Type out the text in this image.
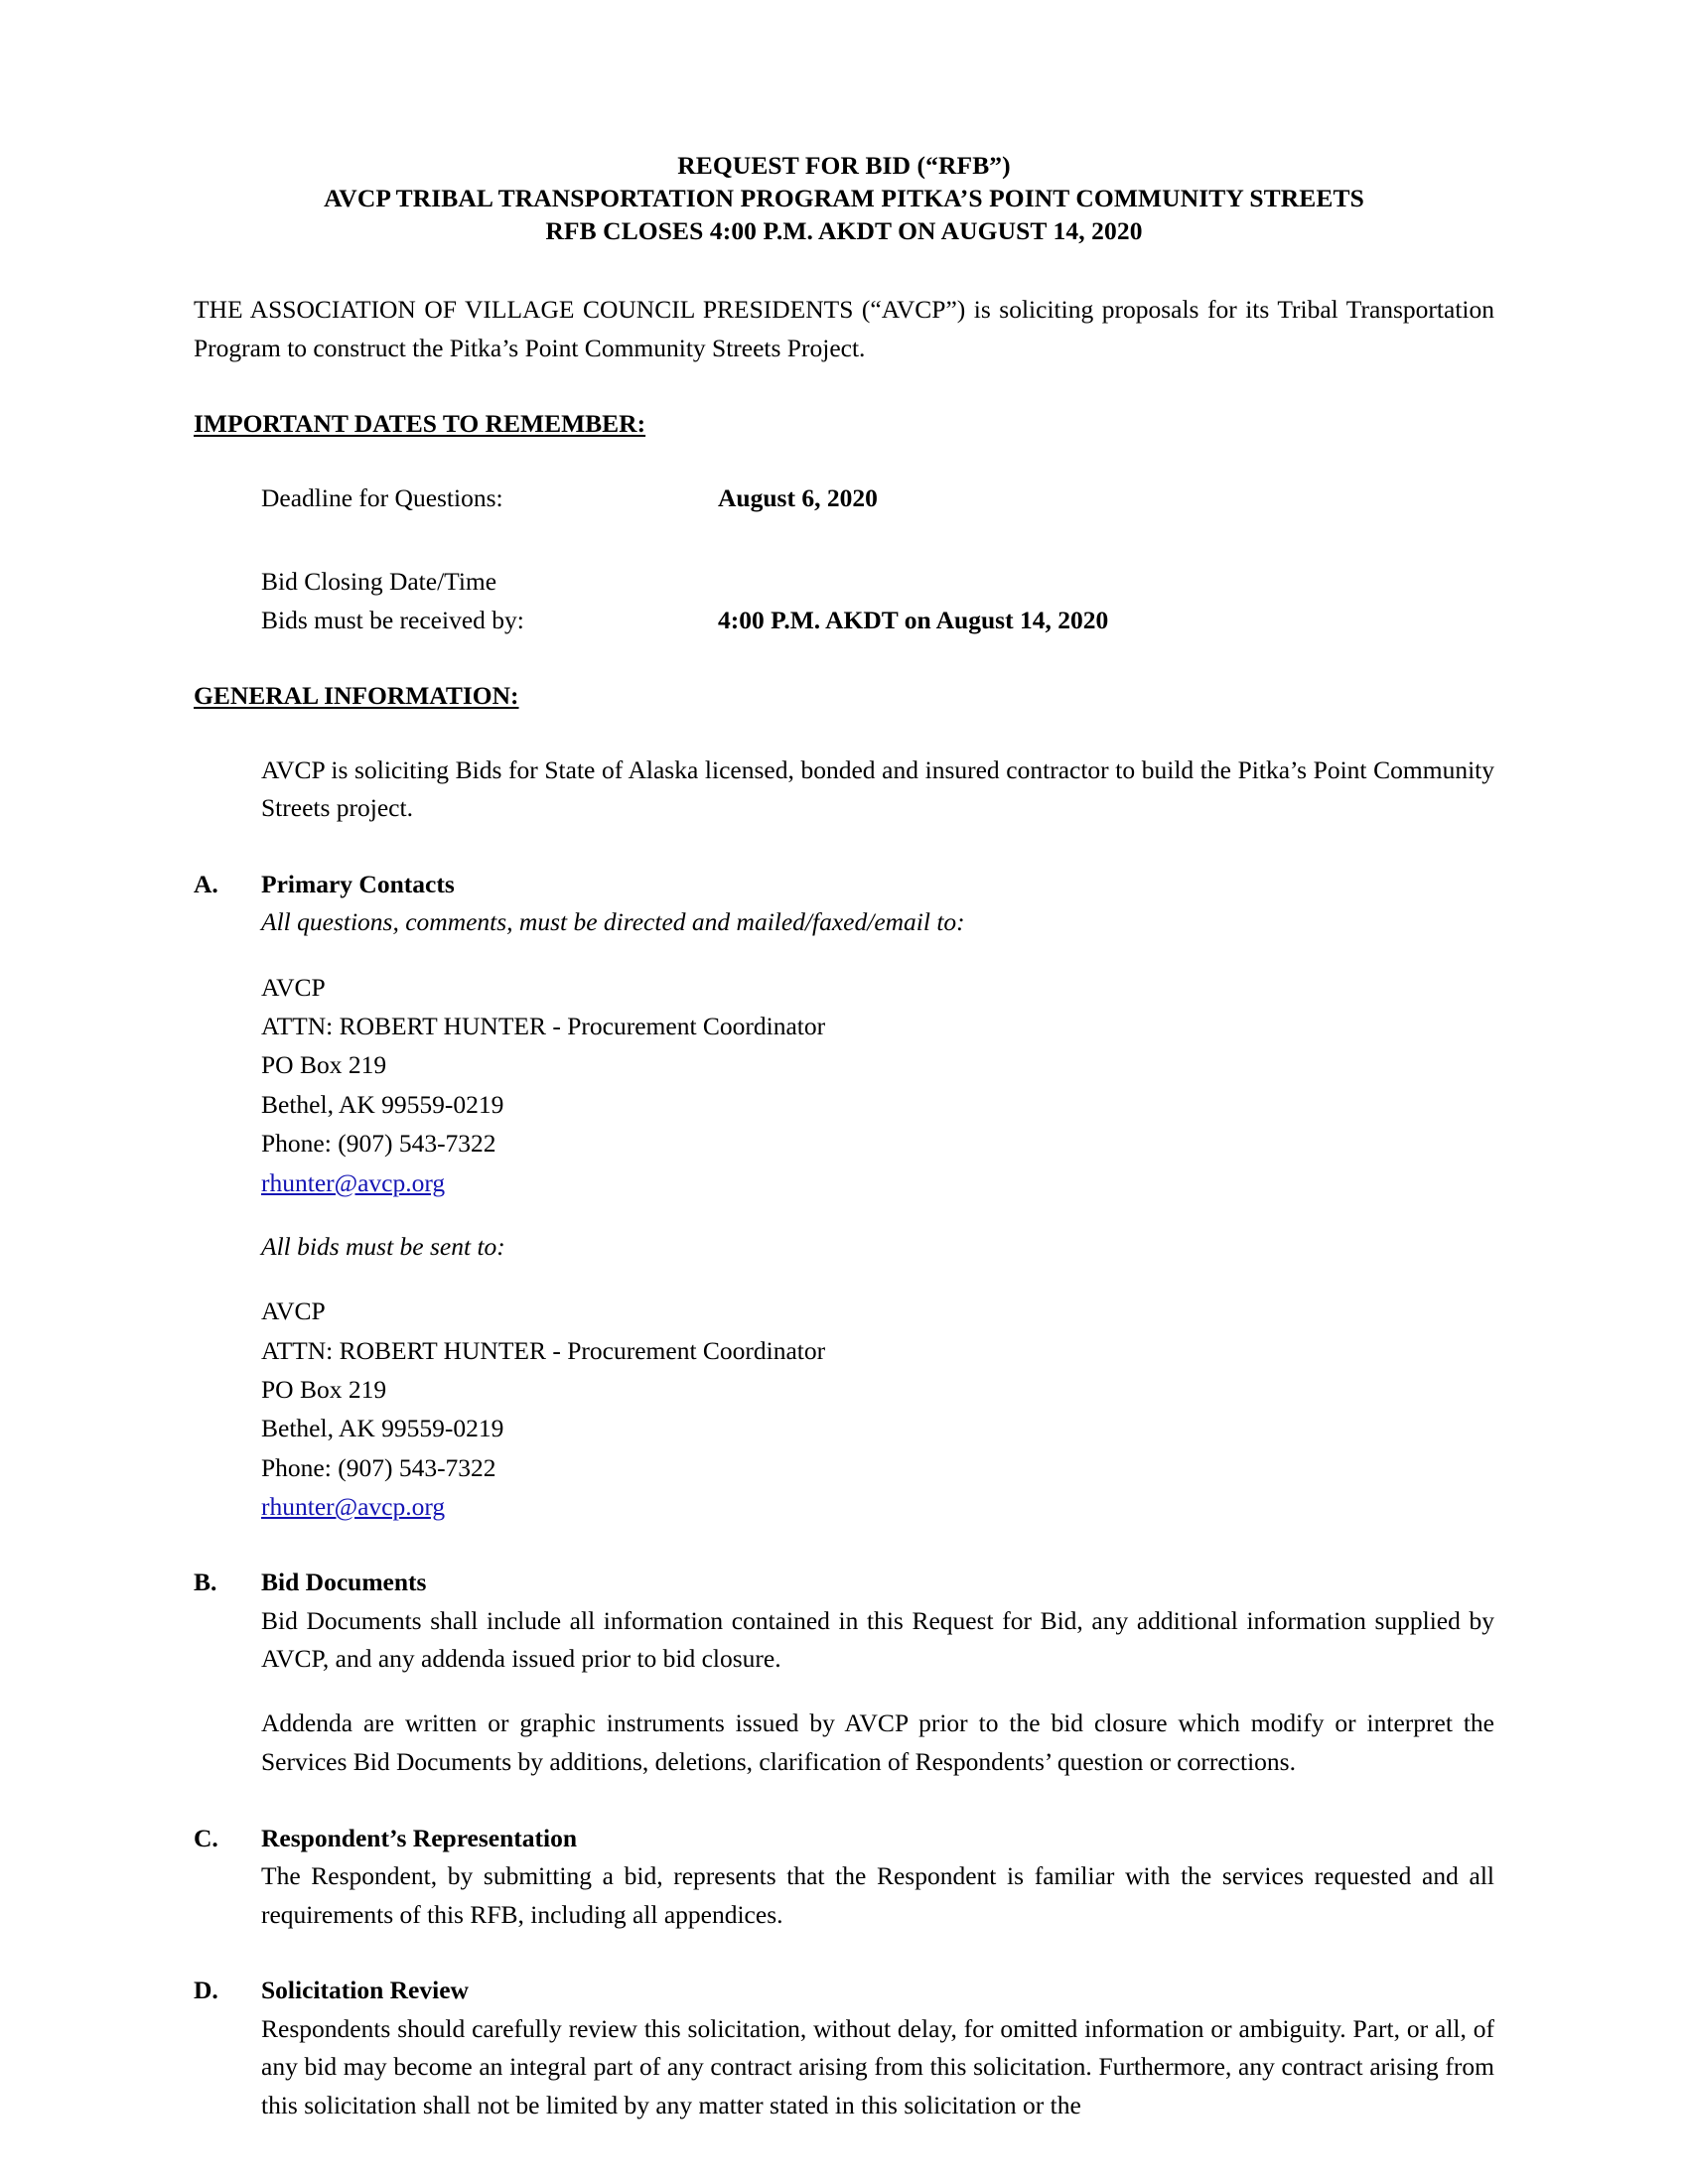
REQUEST FOR BID (“RFB”)
AVCP TRIBAL TRANSPORTATION PROGRAM PITKA’S POINT COMMUNITY STREETS
RFB CLOSES 4:00 P.M. AKDT ON AUGUST 14, 2020

THE ASSOCIATION OF VILLAGE COUNCIL PRESIDENTS (“AVCP”) is soliciting proposals for its Tribal Transportation Program to construct the Pitka’s Point Community Streets Project.

IMPORTANT DATES TO REMEMBER:
Deadline for Questions:	August 6, 2020

Bid Closing Date/Time	
Bids must be received by:	4:00 P.M. AKDT on August 14, 2020
GENERAL INFORMATION:

AVCP is soliciting Bids for State of Alaska licensed, bonded and insured contractor to build the Pitka’s Point Community Streets project.

A.	Primary Contacts

All questions, comments, must be directed and mailed/faxed/email to:

AVCP
ATTN: ROBERT HUNTER - Procurement Coordinator
PO Box 219
Bethel, AK 99559-0219
Phone: (907) 543-7322
rhunter@avcp.org

All bids must be sent to:

AVCP
ATTN: ROBERT HUNTER - Procurement Coordinator
PO Box 219
Bethel, AK 99559-0219
Phone: (907) 543-7322
rhunter@avcp.org
B.	Bid Documents

Bid Documents shall include all information contained in this Request for Bid, any additional information supplied by AVCP, and any addenda issued prior to bid closure.

Addenda are written or graphic instruments issued by AVCP prior to the bid closure which modify or interpret the Services Bid Documents by additions, deletions, clarification of Respondents’ question or corrections.

C.	Respondent’s Representation

The Respondent, by submitting a bid, represents that the Respondent is familiar with the services requested and all requirements of this RFB, including all appendices.

D.	Solicitation Review

Respondents should carefully review this solicitation, without delay, for omitted information or ambiguity. Part, or all, of any bid may become an integral part of any contract arising from this solicitation. Furthermore, any contract arising from this solicitation shall not be limited by any matter stated in this solicitation or the
